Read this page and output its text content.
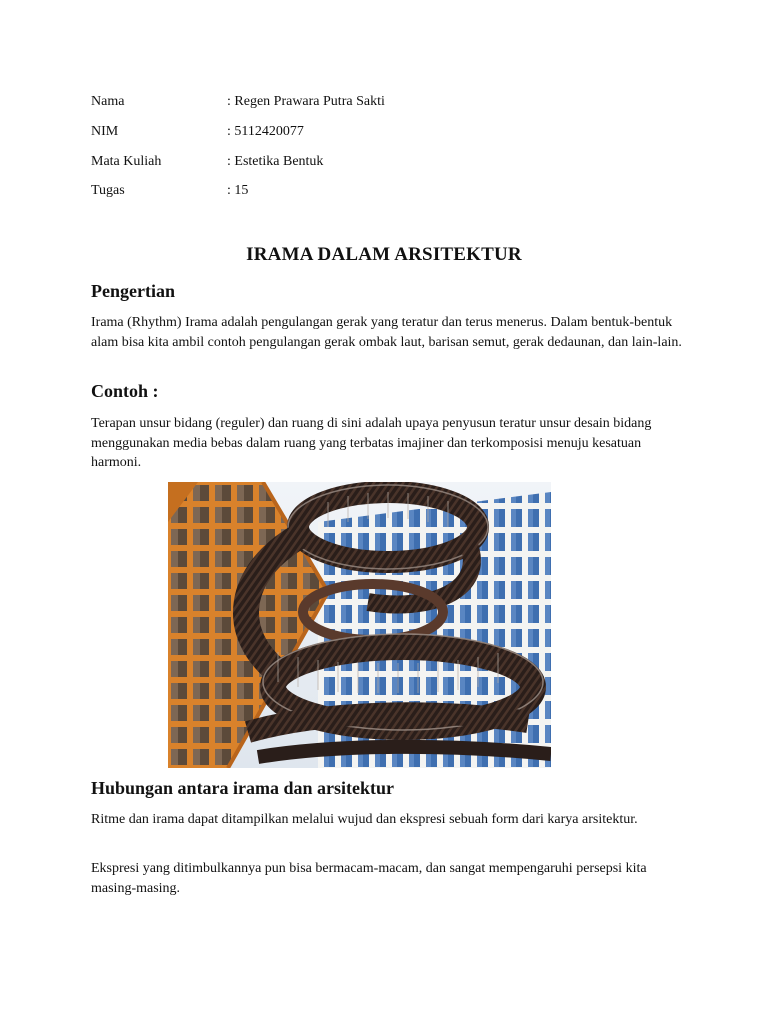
Nama	: Regen Prawara Putra Sakti
NIM	: 5112420077
Mata Kuliah	: Estetika Bentuk
Tugas	: 15
IRAMA DALAM ARSITEKTUR
Pengertian

Irama (Rhythm) Irama adalah pengulangan gerak yang teratur dan terus menerus. Dalam bentuk-bentuk alam bisa kita ambil contoh pengulangan gerak ombak laut, barisan semut, gerak dedaunan, dan lain-lain.

Contoh :

Terapan unsur bidang (reguler) dan ruang di sini adalah upaya penyusun teratur unsur desain bidang menggunakan media bebas dalam ruang yang terbatas imajiner dan terkomposisi menuju kesatuan harmoni.

Hubungan antara irama dan arsitektur

Ritme dan irama dapat ditampilkan melalui wujud dan ekspresi sebuah form dari karya arsitektur.

Ekspresi yang ditimbulkannya pun bisa bermacam-macam, dan sangat mempengaruhi persepsi kita masing-masing.
